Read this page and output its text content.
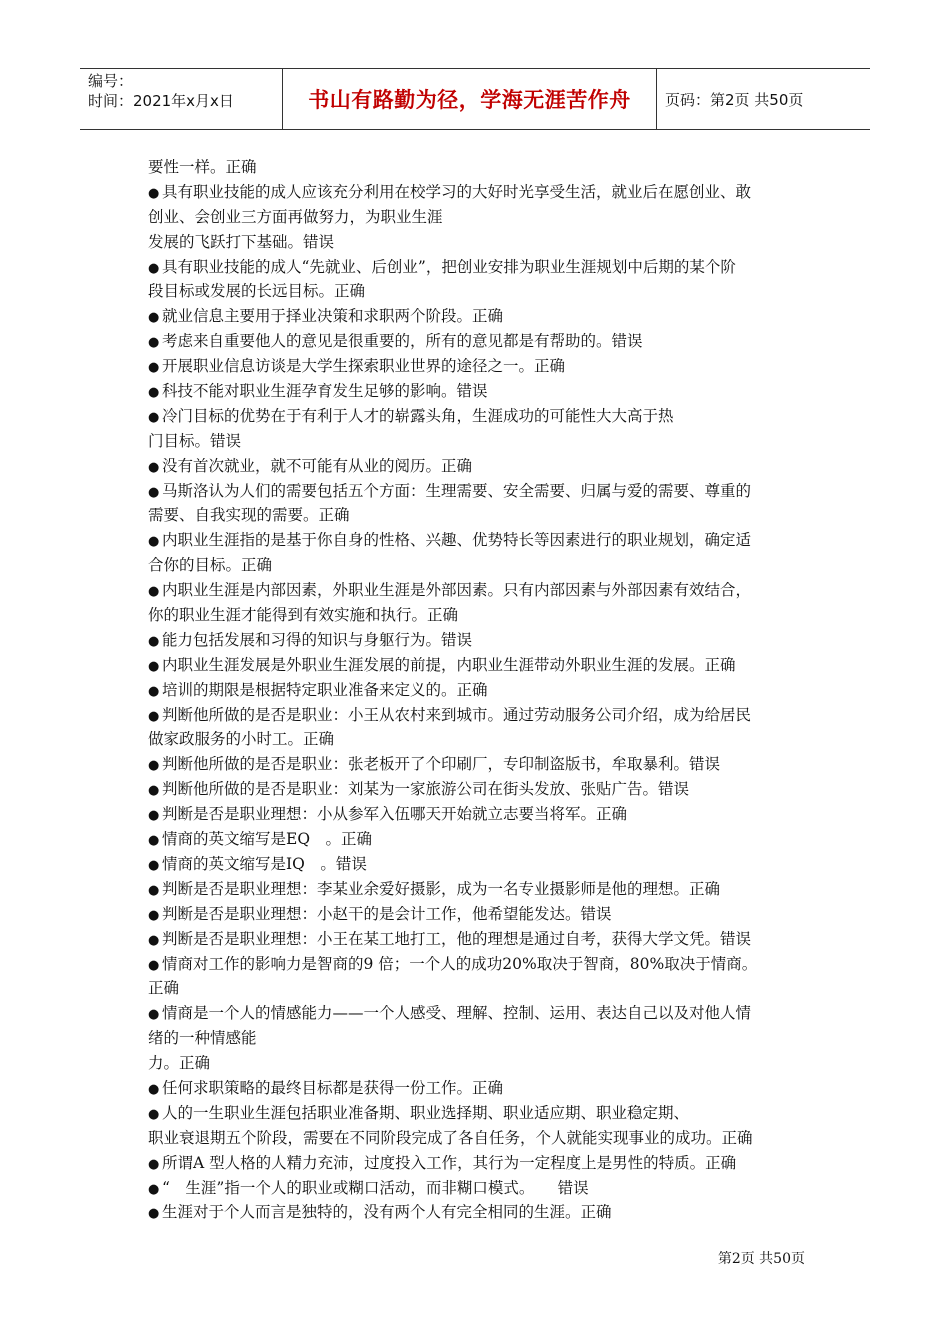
编号：
时间：2021年x月x日	书山有路勤为径，学海无涯苦作舟	页码：第2页 共50页
要性一样。正确
● 具有职业技能的成人应该充分利用在校学习的大好时光享受生活，就业后在愿创业、敢
创业、会创业三方面再做努力，为职业生涯
发展的飞跃打下基础。错误
● 具有职业技能的成人“先就业、后创业”，把创业安排为职业生涯规划中后期的某个阶
段目标或发展的长远目标。正确
● 就业信息主要用于择业决策和求职两个阶段。正确
● 考虑来自重要他人的意见是很重要的，所有的意见都是有帮助的。错误
● 开展职业信息访谈是大学生探索职业世界的途径之一。正确
● 科技不能对职业生涯孕育发生足够的影响。错误
● 冷门目标的优势在于有利于人才的崭露头角，生涯成功的可能性大大高于热
门目标。错误
● 没有首次就业，就不可能有从业的阅历。正确
● 马斯洛认为人们的需要包括五个方面：生理需要、安全需要、归属与爱的需要、尊重的
需要、自我实现的需要。正确
● 内职业生涯指的是基于你自身的性格、兴趣、优势特长等因素进行的职业规划，确定适
合你的目标。正确
● 内职业生涯是内部因素，外职业生涯是外部因素。只有内部因素与外部因素有效结合，
你的职业生涯才能得到有效实施和执行。正确
● 能力包括发展和习得的知识与身躯行为。错误
● 内职业生涯发展是外职业生涯发展的前提，内职业生涯带动外职业生涯的发展。正确
● 培训的期限是根据特定职业准备来定义的。正确
● 判断他所做的是否是职业：小王从农村来到城市。通过劳动服务公司介绍，成为给居民
做家政服务的小时工。正确
● 判断他所做的是否是职业：张老板开了个印刷厂，专印制盗版书，牟取暴利。错误
● 判断他所做的是否是职业：刘某为一家旅游公司在街头发放、张贴广告。错误
● 判断是否是职业理想：小从参军入伍哪天开始就立志要当将军。正确
● 情商的英文缩写是EQ　。正确
● 情商的英文缩写是IQ　。错误
● 判断是否是职业理想：李某业余爱好摄影，成为一名专业摄影师是他的理想。正确
● 判断是否是职业理想：小赵干的是会计工作，他希望能发达。错误
● 判断是否是职业理想：小王在某工地打工，他的理想是通过自考，获得大学文凭。错误
● 情商对工作的影响力是智商的9 倍；一个人的成功20%取决于智商，80%取决于情商。
正确
● 情商是一个人的情感能力——一个人感受、理解、控制、运用、表达自己以及对他人情
绪的一种情感能
力。正确
● 任何求职策略的最终目标都是获得一份工作。正确
● 人的一生职业生涯包括职业准备期、职业选择期、职业适应期、职业稳定期、
职业衰退期五个阶段，需要在不同阶段完成了各自任务，个人就能实现事业的成功。正确
● 所谓A 型人格的人精力充沛，过度投入工作，其行为一定程度上是男性的特质。正确
● “　生涯”指一个人的职业或糊口活动，而非糊口模式。　　错误
● 生涯对于个人而言是独特的，没有两个人有完全相同的生涯。正确
第2页 共50页
